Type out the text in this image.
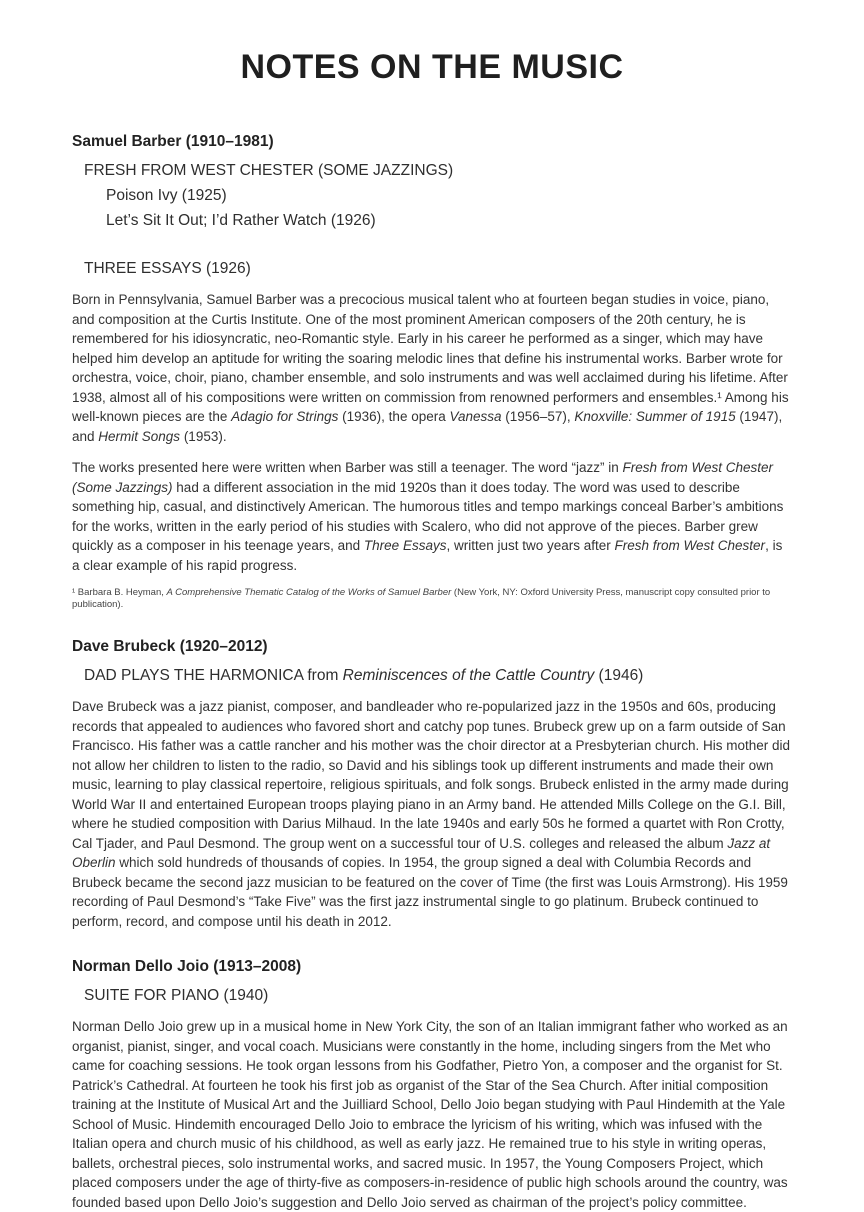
NOTES ON THE MUSIC
Samuel Barber (1910–1981)
FRESH FROM WEST CHESTER (SOME JAZZINGS)
Poison Ivy (1925)
Let’s Sit It Out; I’d Rather Watch (1926)
THREE ESSAYS (1926)

Born in Pennsylvania, Samuel Barber was a precocious musical talent who at fourteen began studies in voice, piano, and composition at the Curtis Institute. One of the most prominent American composers of the 20th century, he is remembered for his idiosyncratic, neo-Romantic style. Early in his career he performed as a singer, which may have helped him develop an aptitude for writing the soaring melodic lines that define his instrumental works. Barber wrote for orchestra, voice, choir, piano, chamber ensemble, and solo instruments and was well acclaimed during his lifetime. After 1938, almost all of his compositions were written on commission from renowned performers and ensembles.¹ Among his well-known pieces are the Adagio for Strings (1936), the opera Vanessa (1956–57), Knoxville: Summer of 1915 (1947), and Hermit Songs (1953).

The works presented here were written when Barber was still a teenager. The word “jazz” in Fresh from West Chester (Some Jazzings) had a different association in the mid 1920s than it does today. The word was used to describe something hip, casual, and distinctively American. The humorous titles and tempo markings conceal Barber’s ambitions for the works, written in the early period of his studies with Scalero, who did not approve of the pieces. Barber grew quickly as a composer in his teenage years, and Three Essays, written just two years after Fresh from West Chester, is a clear example of his rapid progress.

¹ Barbara B. Heyman, A Comprehensive Thematic Catalog of the Works of Samuel Barber (New York, NY: Oxford University Press, manuscript copy consulted prior to publication).

Dave Brubeck (1920–2012)
DAD PLAYS THE HARMONICA from Reminiscences of the Cattle Country (1946)

Dave Brubeck was a jazz pianist, composer, and bandleader who re-popularized jazz in the 1950s and 60s, producing records that appealed to audiences who favored short and catchy pop tunes. Brubeck grew up on a farm outside of San Francisco. His father was a cattle rancher and his mother was the choir director at a Presbyterian church. His mother did not allow her children to listen to the radio, so David and his siblings took up different instruments and made their own music, learning to play classical repertoire, religious spirituals, and folk songs. Brubeck enlisted in the army made during World War II and entertained European troops playing piano in an Army band. He attended Mills College on the G.I. Bill, where he studied composition with Darius Milhaud. In the late 1940s and early 50s he formed a quartet with Ron Crotty, Cal Tjader, and Paul Desmond. The group went on a successful tour of U.S. colleges and released the album Jazz at Oberlin which sold hundreds of thousands of copies. In 1954, the group signed a deal with Columbia Records and Brubeck became the second jazz musician to be featured on the cover of Time (the first was Louis Armstrong). His 1959 recording of Paul Desmond’s “Take Five” was the first jazz instrumental single to go platinum. Brubeck continued to perform, record, and compose until his death in 2012.

Norman Dello Joio (1913–2008)
SUITE FOR PIANO (1940)

Norman Dello Joio grew up in a musical home in New York City, the son of an Italian immigrant father who worked as an organist, pianist, singer, and vocal coach. Musicians were constantly in the home, including singers from the Met who came for coaching sessions. He took organ lessons from his Godfather, Pietro Yon, a composer and the organist for St. Patrick’s Cathedral. At fourteen he took his first job as organist of the Star of the Sea Church. After initial composition training at the Institute of Musical Art and the Juilliard School, Dello Joio began studying with Paul Hindemith at the Yale School of Music. Hindemith encouraged Dello Joio to embrace the lyricism of his writing, which was infused with the Italian opera and church music of his childhood, as well as early jazz. He remained true to his style in writing operas, ballets, orchestral pieces, solo instrumental works, and sacred music. In 1957, the Young Composers Project, which placed composers under the age of thirty-five as composers-in-residence of public high schools around the country, was founded based upon Dello Joio’s suggestion and Dello Joio served as chairman of the project’s policy committee.
